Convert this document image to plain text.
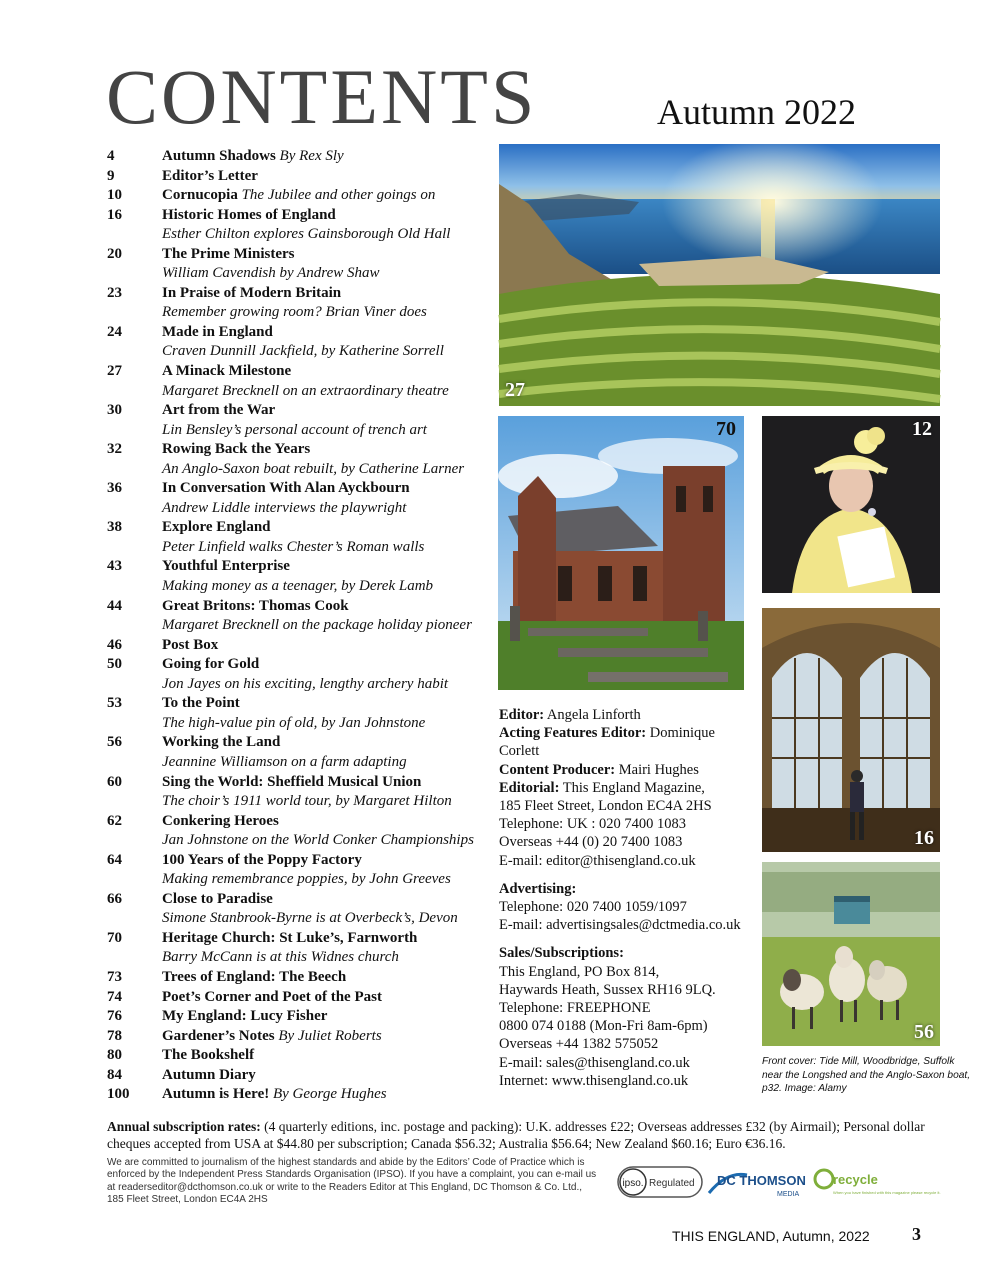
CONTENTS	Autumn 2022
4	Autumn Shadows By Rex Sly
9	Editor’s Letter
10	Cornucopia The Jubilee and other goings on
16	Historic Homes of England
Esther Chilton explores Gainsborough Old Hall
20	The Prime Ministers
William Cavendish by Andrew Shaw
23	In Praise of Modern Britain
Remember growing room? Brian Viner does
24	Made in England
Craven Dunnill Jackfield, by Katherine Sorrell
27	A Minack Milestone
Margaret Brecknell on an extraordinary theatre
30	Art from the War
Lin Bensley’s personal account of trench art
32	Rowing Back the Years
An Anglo-Saxon boat rebuilt, by Catherine Larner
36	In Conversation With Alan Ayckbourn
Andrew Liddle interviews the playwright
38	Explore England
Peter Linfield walks Chester’s Roman walls
43	Youthful Enterprise
Making money as a teenager, by Derek Lamb
44	Great Britons: Thomas Cook
Margaret Brecknell on the package holiday pioneer
46	Post Box
50	Going for Gold
Jon Jayes on his exciting, lengthy archery habit
53	To the Point
The high-value pin of old, by Jan Johnstone
56	Working the Land
Jeannine Williamson on a farm adapting
60	Sing the World: Sheffield Musical Union
The choir’s 1911 world tour, by Margaret Hilton
62	Conkering Heroes
Jan Johnstone on the World Conker Championships
64	100 Years of the Poppy Factory
Making remembrance poppies, by John Greeves
66	Close to Paradise
Simone Stanbrook-Byrne is at Overbeck’s, Devon
70	Heritage Church: St Luke’s, Farnworth
Barry McCann is at this Widnes church
73	Trees of England: The Beech
74	Poet’s Corner and Poet of the Past
76	My England: Lucy Fisher
78	Gardener’s Notes By Juliet Roberts
80	The Bookshelf
84	Autumn Diary
100	Autumn is Here! By George Hughes
27
70	12
16
56

Editor: Angela Linforth

Acting Features Editor: Dominique Corlett

Content Producer: Mairi Hughes

Editorial: This England Magazine,

185 Fleet Street, London EC4A 2HS

Telephone: UK : 020 7400 1083

Overseas +44 (0) 20 7400 1083

E-mail: editor@thisengland.co.uk

Advertising:

Telephone: 020 7400 1059/1097

E-mail: advertisingsales@dctmedia.co.uk

Sales/Subscriptions:

This England, PO Box 814,

Haywards Heath, Sussex RH16 9LQ.

Telephone: FREEPHONE

0800 074 0188 (Mon-Fri 8am-6pm)

Overseas +44 1382 575052

E-mail: sales@thisengland.co.uk

Internet: www.thisengland.co.uk

Front cover: Tide Mill, Woodbridge, Suffolk near the Longshed and the Anglo-Saxon boat, p32. Image: Alamy
Annual subscription rates: (4 quarterly editions, inc. postage and packing): U.K. addresses £22; Overseas addresses £32 (by Airmail); Personal dollar cheques accepted from USA at $44.80 per subscription; Canada $56.32; Australia $56.64; New Zealand $60.16; Euro €36.16.
We are committed to journalism of the highest standards and abide by the Editors’ Code of Practice which is enforced by the Independent Press Standards Organisation (IPSO). If you have a complaint, you can e-mail us at readerseditor@dcthomson.co.uk or write to the Readers Editor at This England, DC Thomson & Co. Ltd., 185 Fleet Street, London EC4A 2HS
ipso. Regulated DC THOMSON
MEDIA
recycle
When you have finished with this magazine please recycle it.
THIS ENGLAND, Autumn, 2022 3
